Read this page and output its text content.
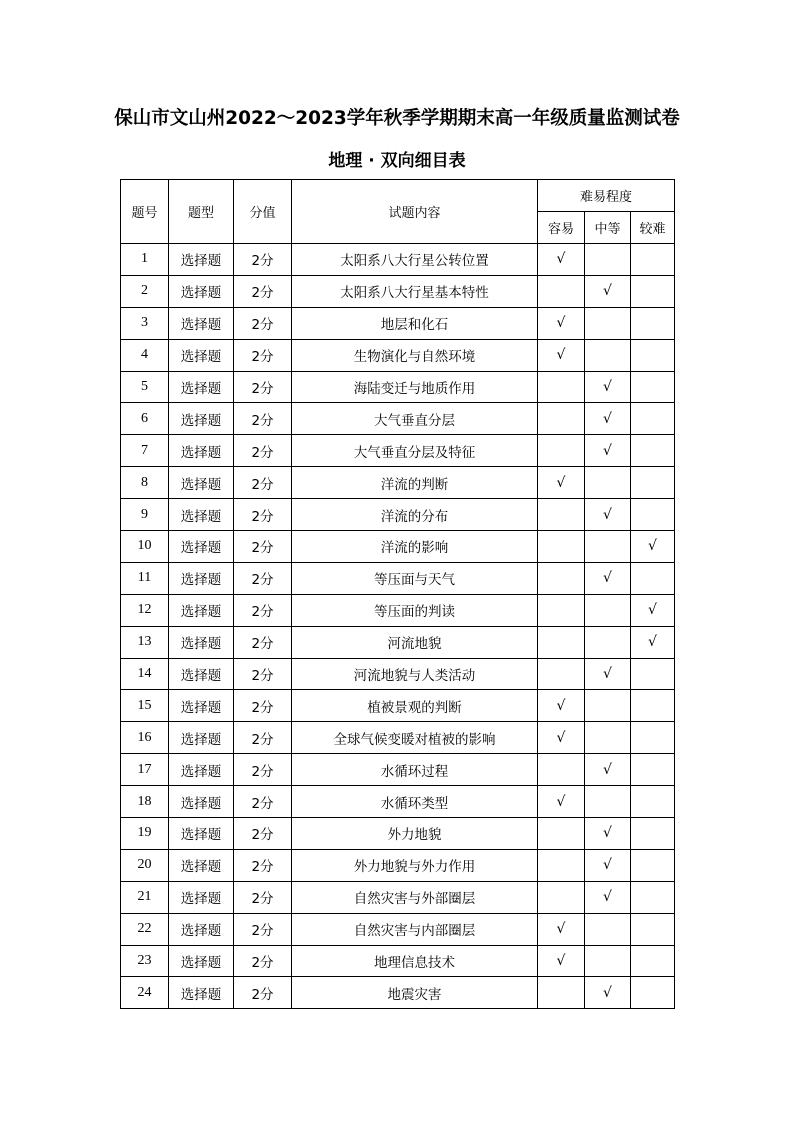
保山市文山州2022～2023学年秋季学期期末高一年级质量监测试卷
地理 · 双向细目表
题号	题型	分值	试题内容	难易程度		
				容易	中等	较难
1	选择题	2分	太阳系八大行星公转位置	√		
2	选择题	2分	太阳系八大行星基本特性		√	
3	选择题	2分	地层和化石	√		
4	选择题	2分	生物演化与自然环境	√		
5	选择题	2分	海陆变迁与地质作用		√	
6	选择题	2分	大气垂直分层		√	
7	选择题	2分	大气垂直分层及特征		√	
8	选择题	2分	洋流的判断	√		
9	选择题	2分	洋流的分布		√	
10	选择题	2分	洋流的影响			√
11	选择题	2分	等压面与天气		√	
12	选择题	2分	等压面的判读			√
13	选择题	2分	河流地貌			√
14	选择题	2分	河流地貌与人类活动		√	
15	选择题	2分	植被景观的判断	√		
16	选择题	2分	全球气候变暖对植被的影响	√		
17	选择题	2分	水循环过程		√	
18	选择题	2分	水循环类型	√		
19	选择题	2分	外力地貌		√	
20	选择题	2分	外力地貌与外力作用		√	
21	选择题	2分	自然灾害与外部圈层		√	
22	选择题	2分	自然灾害与内部圈层	√		
23	选择题	2分	地理信息技术	√		
24	选择题	2分	地震灾害		√	
